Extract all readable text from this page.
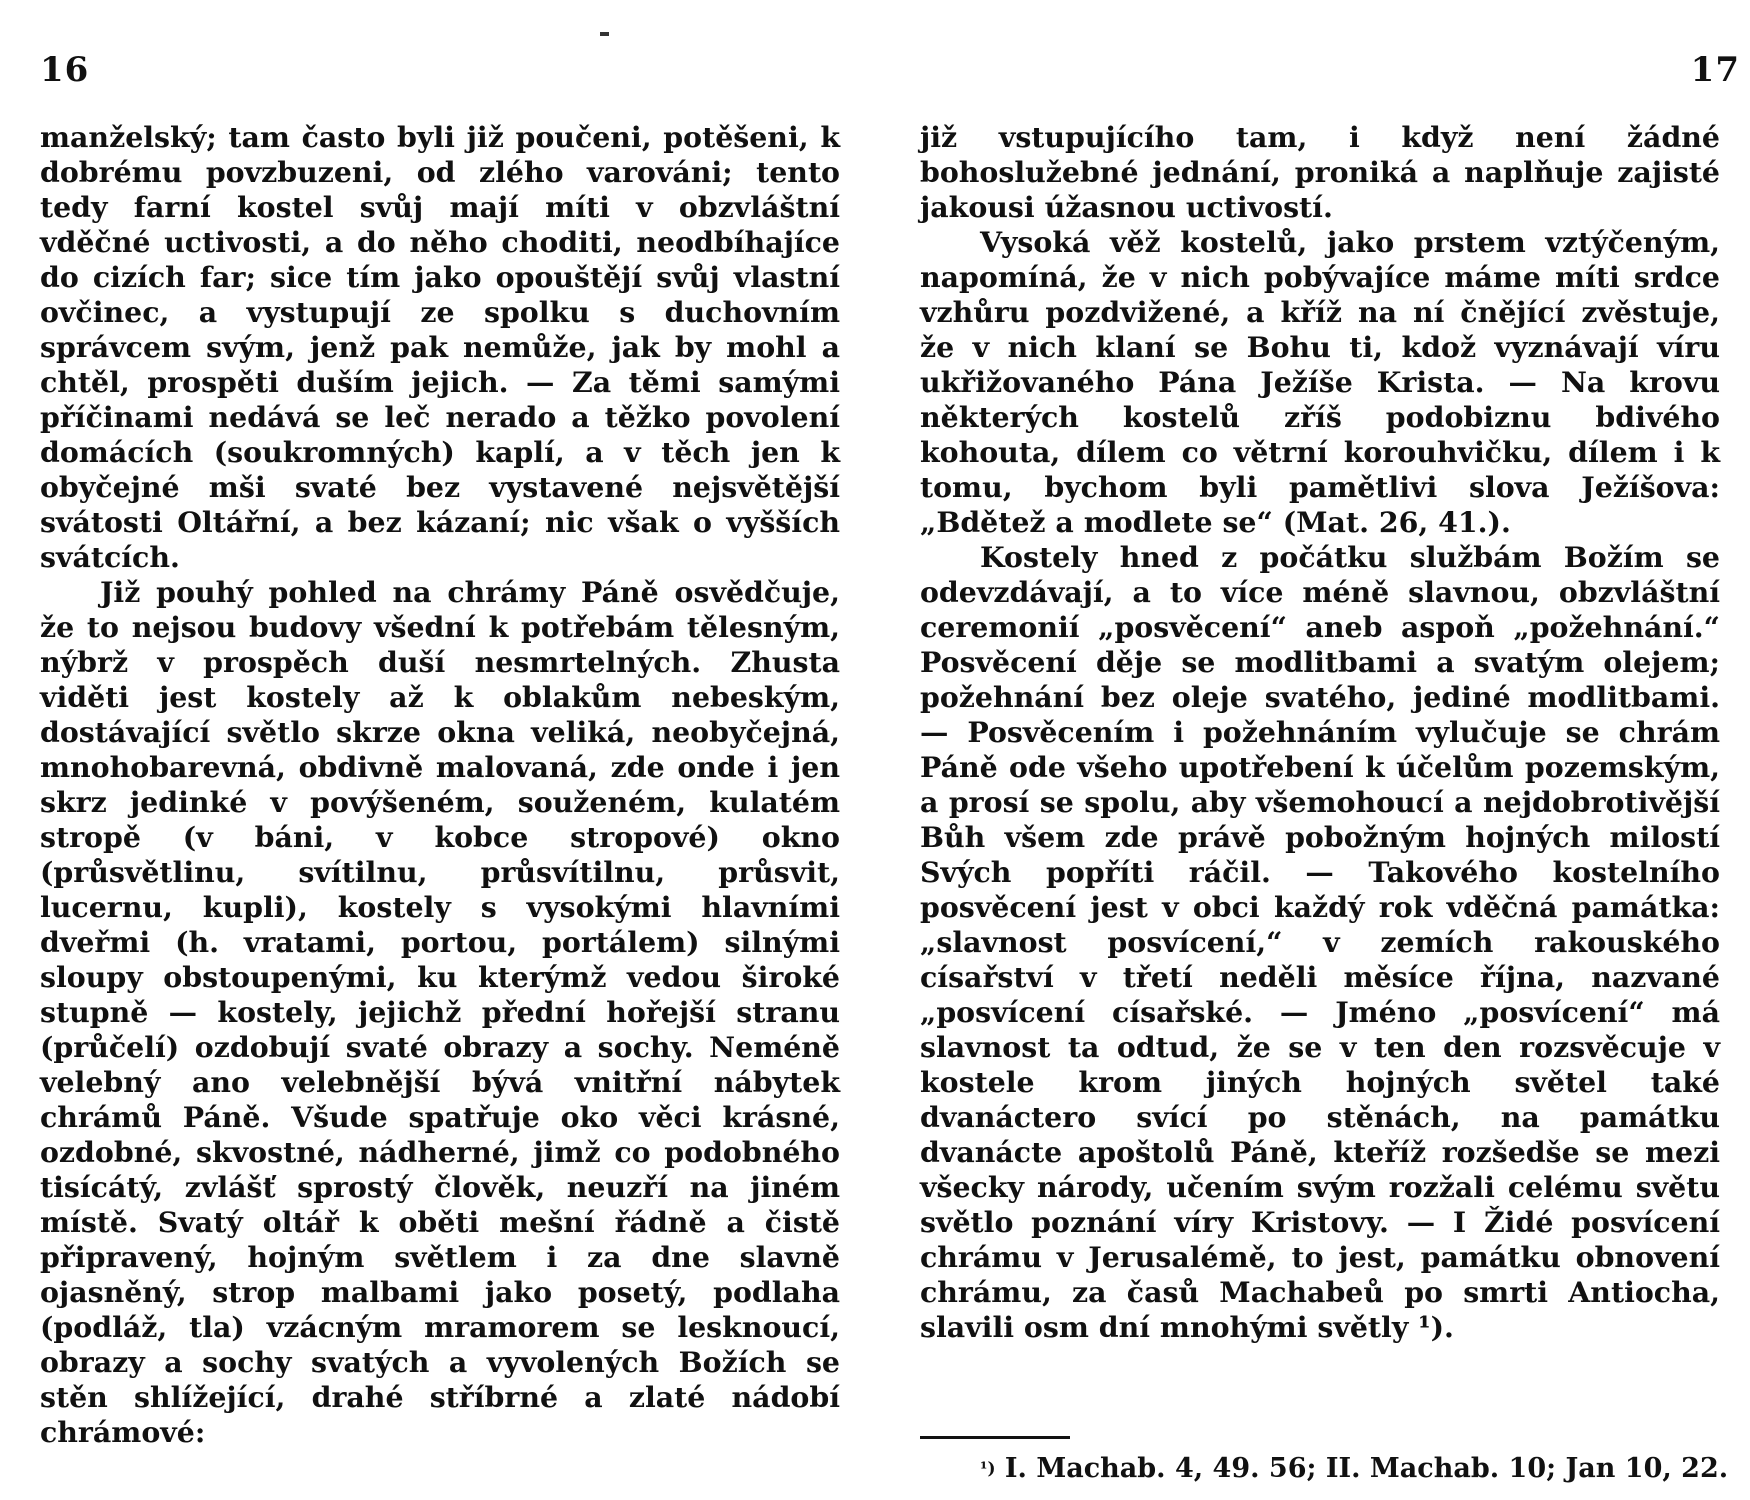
16

manželský; tam často byli již poučeni, potěšeni, k dobrému povzbuzeni, od zlého varováni; tento tedy farní kostel svůj mají míti v obzvláštní vděčné uctivosti, a do něho choditi, neodbíhajíce do cizích far; sice tím jako opouštějí svůj vlastní ovčinec, a vystupují ze spolku s duchovním správcem svým, jenž pak nemůže, jak by mohl a chtěl, prospěti duším jejich. — Za těmi samými příčinami nedává se leč nerado a těžko povolení domácích (soukromných) kaplí, a v těch jen k obyčejné mši svaté bez vystavené nejsvětější svátosti Oltářní, a bez kázaní; nic však o vyšších svátcích.

Již pouhý pohled na chrámy Páně osvědčuje, že to nejsou budovy všední k potřebám tělesným, nýbrž v prospěch duší nesmrtelných. Zhusta viděti jest kostely až k oblakům nebeským, dostávající světlo skrze okna veliká, neobyčejná, mnohobarevná, obdivně malovaná, zde onde i jen skrz jedinké v povýšeném, souženém, kulatém stropě (v báni, v kobce stropové) okno (průsvětlinu, svítilnu, průsvítilnu, průsvit, lucernu, kupli), kostely s vysokými hlavními dveřmi (h. vratami, portou, portálem) silnými sloupy obstoupenými, ku kterýmž vedou široké stupně — kostely, jejichž přední hořejší stranu (průčelí) ozdobují svaté obrazy a sochy. Neméně velebný ano velebnější bývá vnitřní nábytek chrámů Páně. Všude spatřuje oko věci krásné, ozdobné, skvostné, nádherné, jimž co podobného tisícátý, zvlášť sprostý člověk, neuzří na jiném místě. Svatý oltář k oběti mešní řádně a čistě připravený, hojným světlem i za dne slavně ojasněný, strop malbami jako posetý, podlaha (podláž, tla) vzácným mramorem se lesknoucí, obrazy a sochy svatých a vyvolených Božích se stěn shlížející, drahé stříbrné a zlaté nádobí chrámové:

17

již vstupujícího tam, i když není žádné bohoslužebné jednání, proniká a naplňuje zajisté jakousi úžasnou uctivostí.

Vysoká věž kostelů, jako prstem vztýčeným, napomíná, že v nich pobývajíce máme míti srdce vzhůru pozdvižené, a kříž na ní čnějící zvěstuje, že v nich klaní se Bohu ti, kdož vyznávají víru ukřižovaného Pána Ježíše Krista. — Na krovu některých kostelů zříš podobiznu bdivého kohouta, dílem co větrní korouhvičku, dílem i k tomu, bychom byli pamětlivi slova Ježíšova: „Bdětež a modlete se“ (Mat. 26, 41.).

Kostely hned z počátku službám Božím se odevzdávají, a to více méně slavnou, obzvláštní ceremonií „posvěcení“ aneb aspoň „požehnání.“ Posvěcení děje se modlitbami a svatým olejem; požehnání bez oleje svatého, jediné modlitbami. — Posvěcením i požehnáním vylučuje se chrám Páně ode všeho upotřebení k účelům pozemským, a prosí se spolu, aby všemohoucí a nejdobrotivější Bůh všem zde právě pobožným hojných milostí Svých popříti ráčil. — Takového kostelního posvěcení jest v obci každý rok vděčná památka: „slavnost posvícení,“ v zemích rakouského císařství v třetí neděli měsíce října, nazvané „posvícení císařské. — Jméno „posvícení“ má slavnost ta odtud, že se v ten den rozsvěcuje v kostele krom jiných hojných světel také dvanáctero svící po stěnách, na památku dvanácte apoštolů Páně, kteříž rozšedše se mezi všecky národy, učením svým rozžali celému světu světlo poznání víry Kristovy. — I Židé posvícení chrámu v Jerusalémě, to jest, památku obnovení chrámu, za časů Machabeů po smrti Antiocha, slavili osm dní mnohými světly ¹).

$^{^1)}$ I. Machab. 4, 49. 56; II. Machab. 10; Jan 10, 22.
